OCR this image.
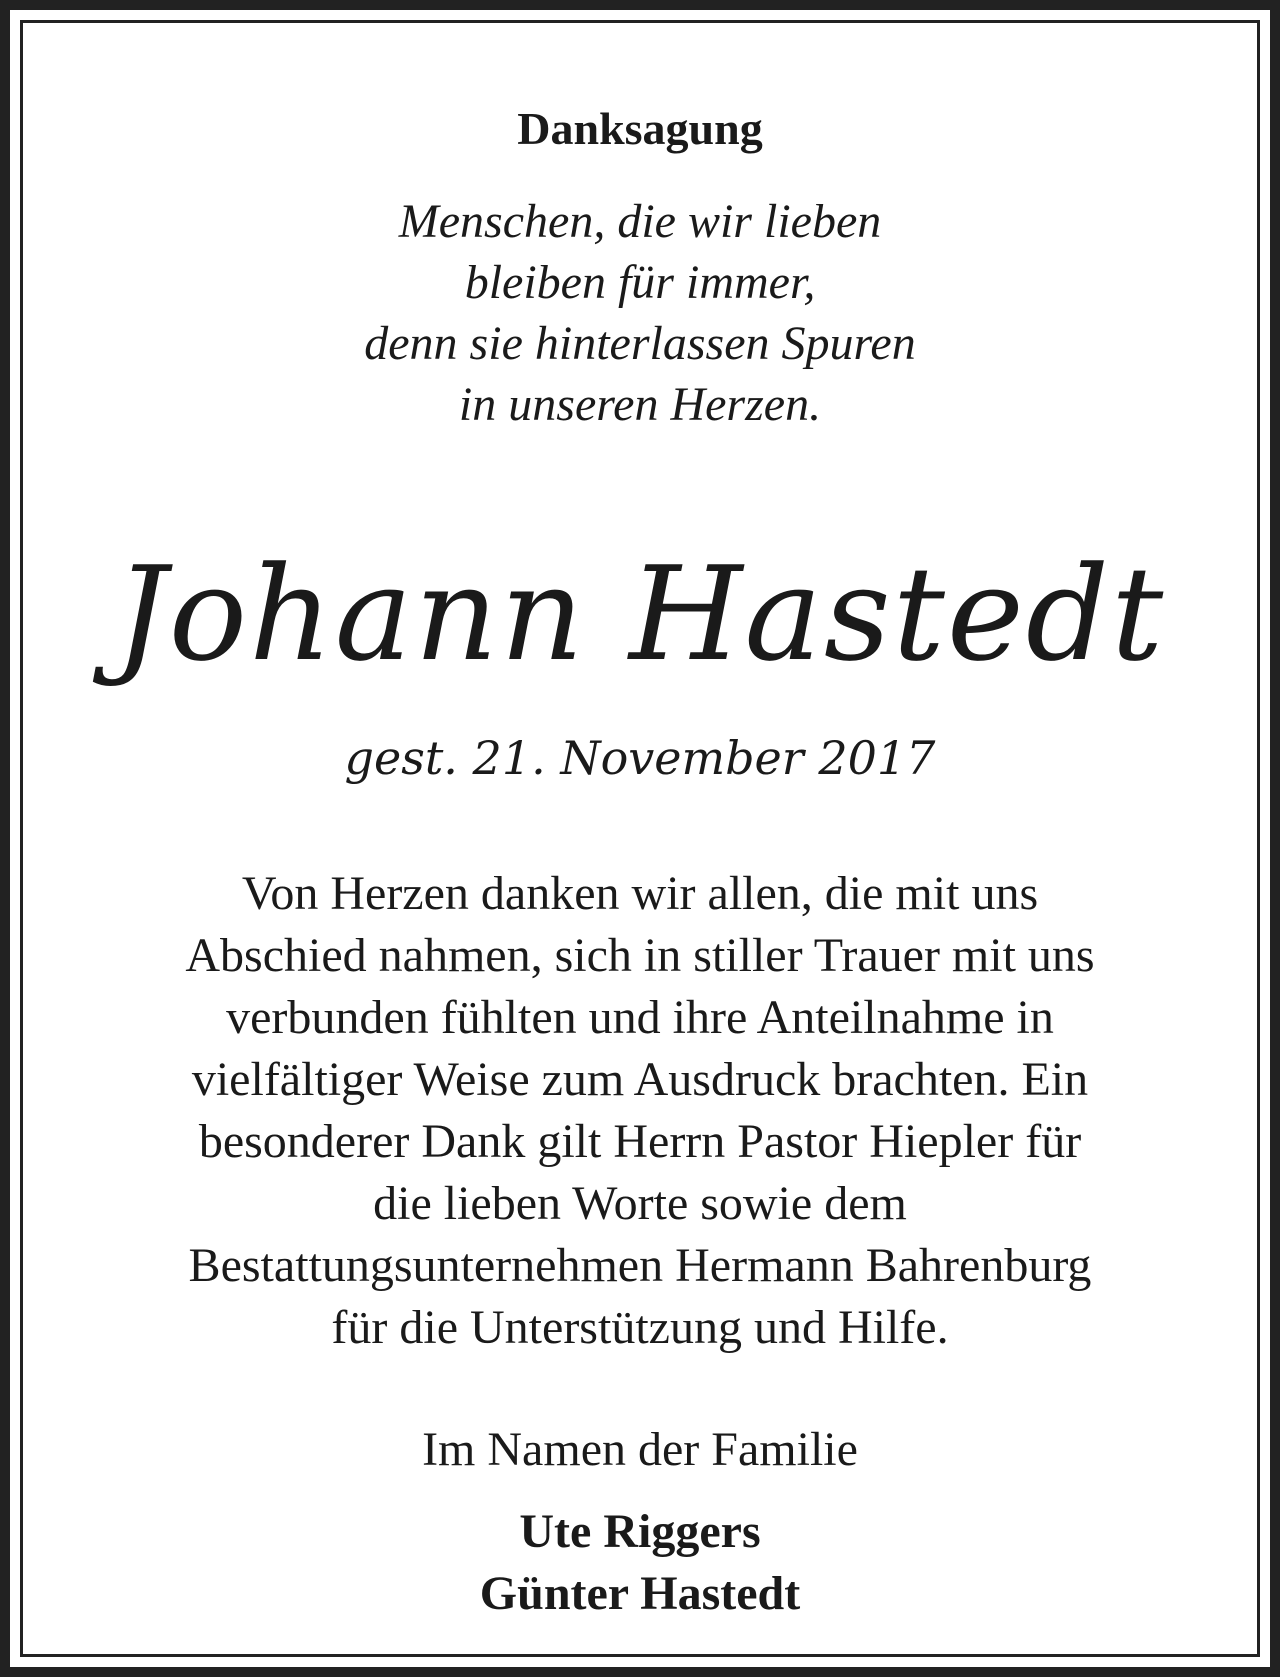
Danksagung
Menschen, die wir lieben
bleiben für immer,
denn sie hinterlassen Spuren
in unseren Herzen.
Johann Hastedt
gest. 21. November 2017
Von Herzen danken wir allen, die mit uns
Abschied nahmen, sich in stiller Trauer mit uns
verbunden fühlten und ihre Anteilnahme in
vielfältiger Weise zum Ausdruck brachten. Ein
besonderer Dank gilt Herrn Pastor Hiepler für
die lieben Worte sowie dem
Bestattungsunternehmen Hermann Bahrenburg
für die Unterstützung und Hilfe.
Im Namen der Familie
Ute Riggers
Günter Hastedt
